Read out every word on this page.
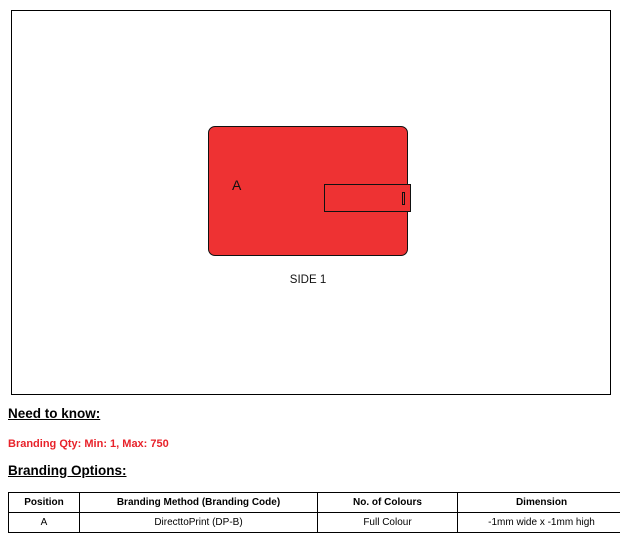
A
SIDE 1
Need to know:
Branding Qty: Min: 1, Max: 750
Branding Options:
Position	Branding Method (Branding Code)	No. of Colours	Dimension
A	DirecttoPrint (DP-B)	Full Colour	-1mm wide x -1mm high
